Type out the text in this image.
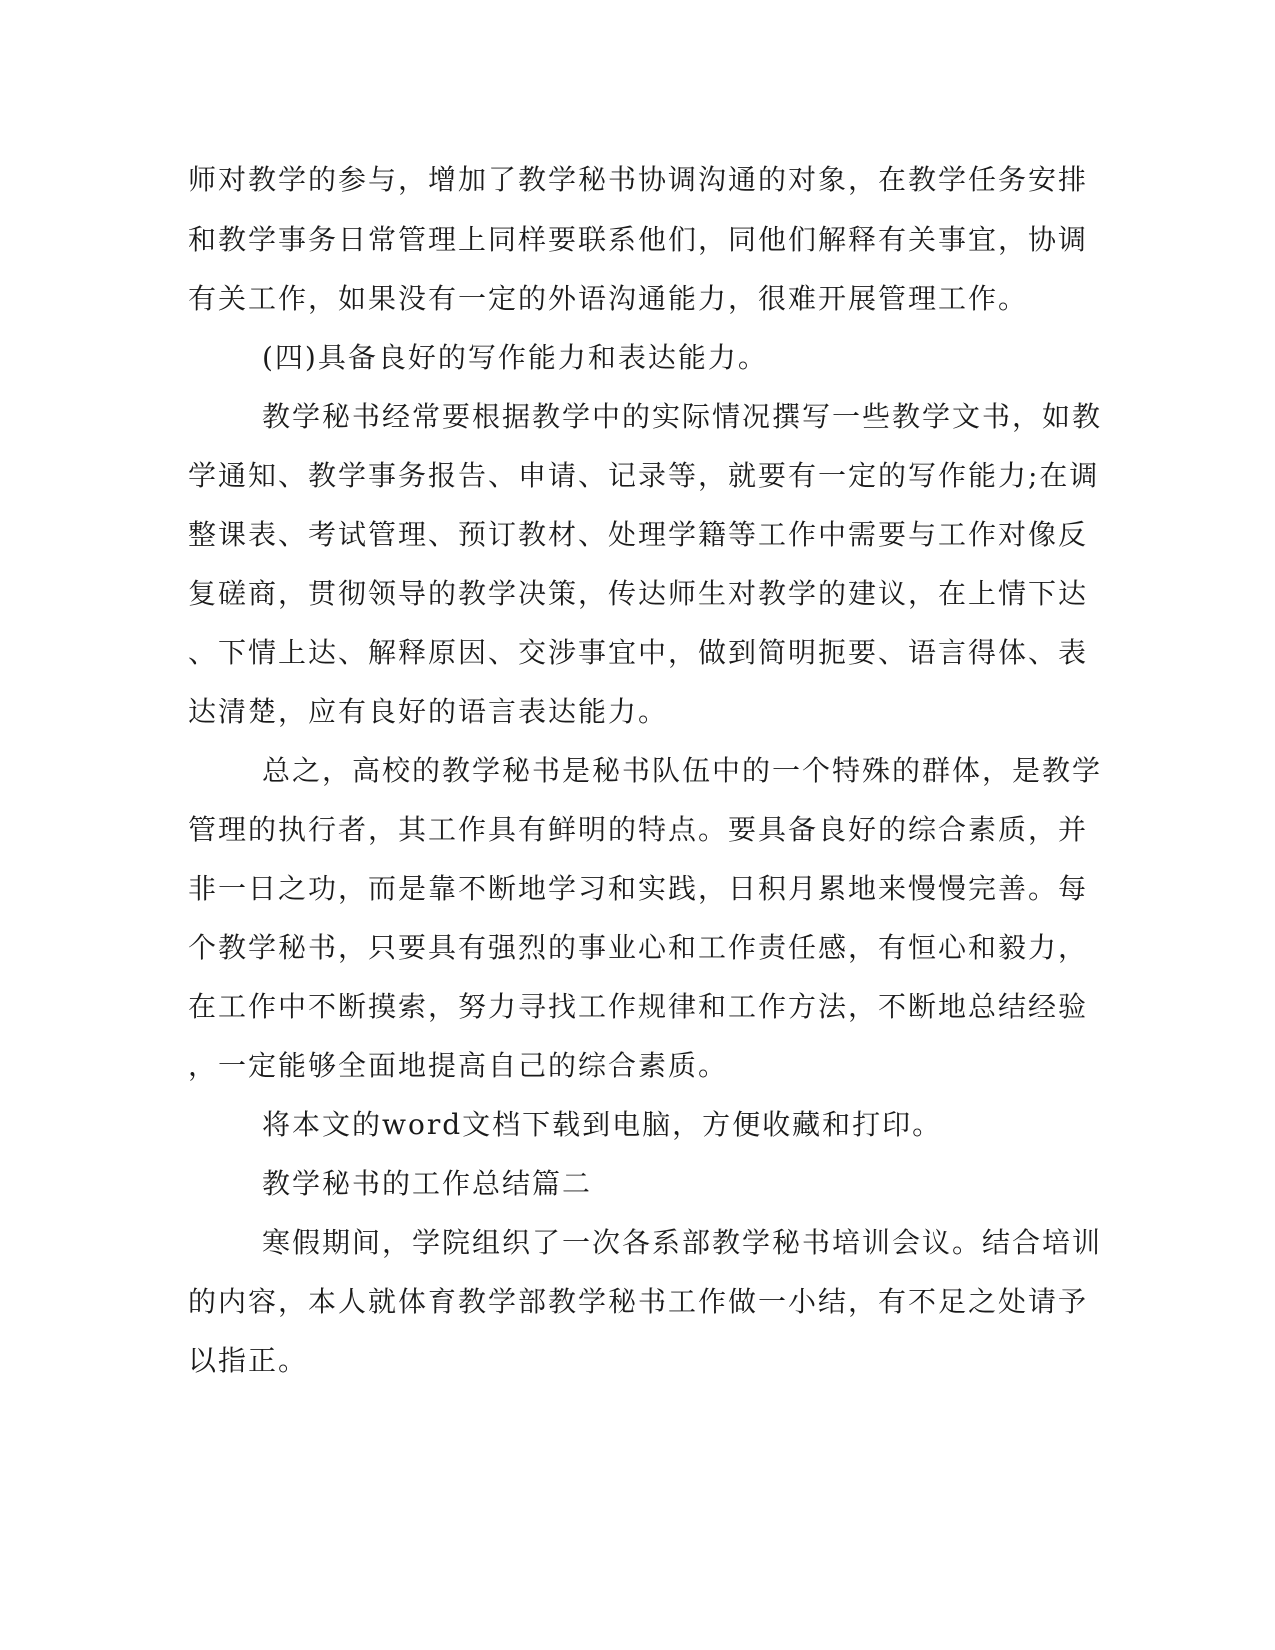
师对教学的参与，增加了教学秘书协调沟通的对象，在教学任务安排
和教学事务日常管理上同样要联系他们，同他们解释有关事宜，协调
有关工作，如果没有一定的外语沟通能力，很难开展管理工作。
(四)具备良好的写作能力和表达能力。
教学秘书经常要根据教学中的实际情况撰写一些教学文书，如教
学通知、教学事务报告、申请、记录等，就要有一定的写作能力;在调
整课表、考试管理、预订教材、处理学籍等工作中需要与工作对像反
复磋商，贯彻领导的教学决策，传达师生对教学的建议，在上情下达
、下情上达、解释原因、交涉事宜中，做到简明扼要、语言得体、表
达清楚，应有良好的语言表达能力。
总之，高校的教学秘书是秘书队伍中的一个特殊的群体，是教学
管理的执行者，其工作具有鲜明的特点。要具备良好的综合素质，并
非一日之功，而是靠不断地学习和实践，日积月累地来慢慢完善。每
个教学秘书，只要具有强烈的事业心和工作责任感，有恒心和毅力，
在工作中不断摸索，努力寻找工作规律和工作方法，不断地总结经验
，一定能够全面地提高自己的综合素质。
将本文的word文档下载到电脑，方便收藏和打印。
教学秘书的工作总结篇二
寒假期间，学院组织了一次各系部教学秘书培训会议。结合培训
的内容，本人就体育教学部教学秘书工作做一小结，有不足之处请予
以指正。
